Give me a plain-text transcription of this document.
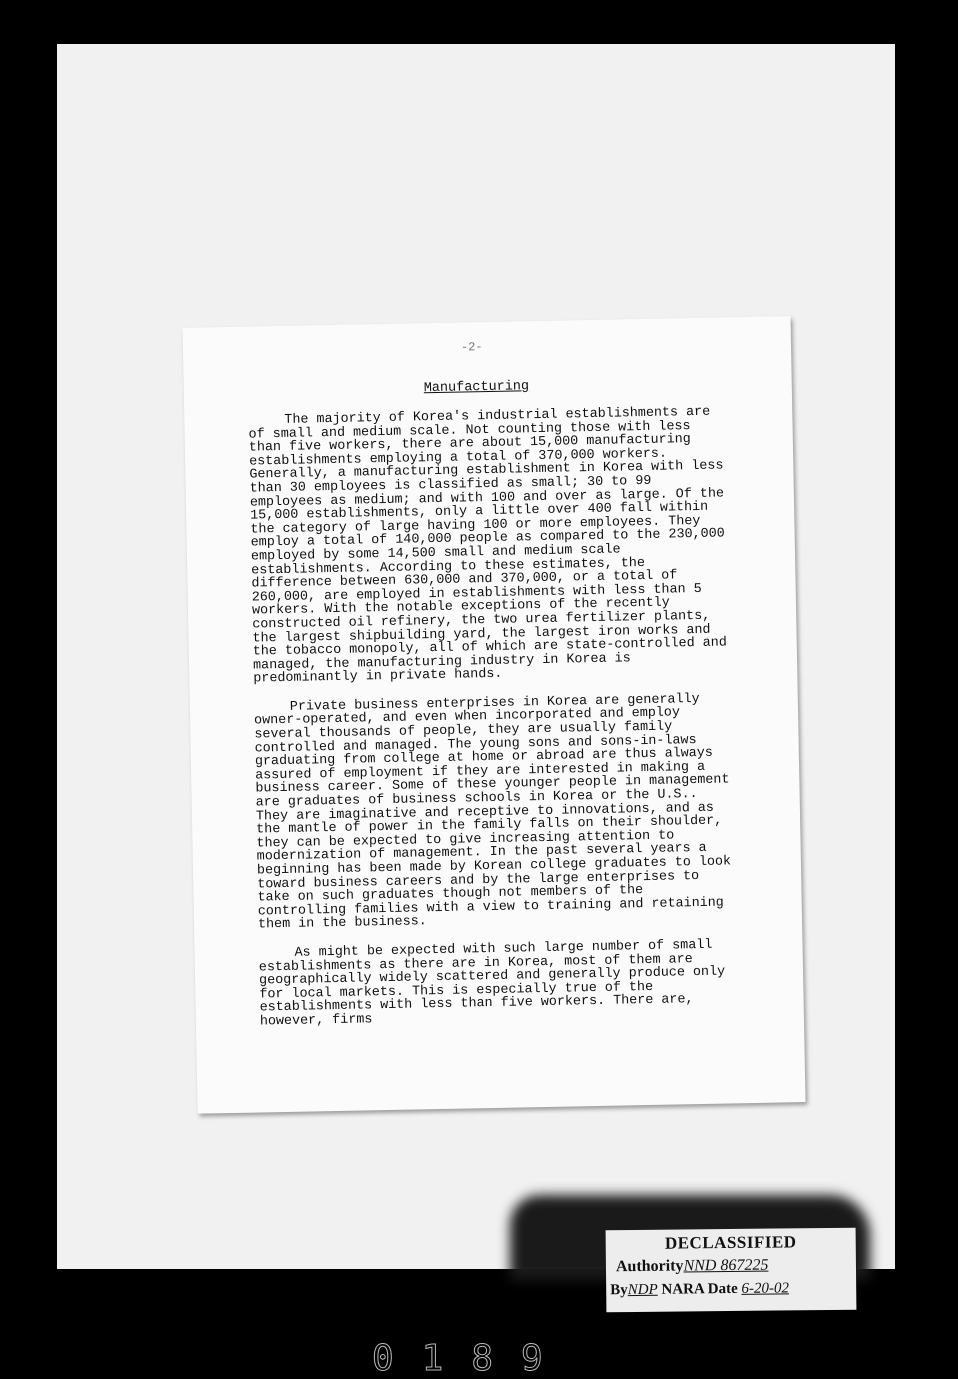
-2-
Manufacturing

The majority of Korea's industrial establishments are of small and medium scale. Not counting those with less than five workers, there are about 15,000 manufacturing establishments employing a total of 370,000 workers. Generally, a manufacturing establishment in Korea with less than 30 employees is classified as small; 30 to 99 employees as medium; and with 100 and over as large. Of the 15,000 establishments, only a little over 400 fall within the category of large having 100 or more employees. They employ a total of 140,000 people as compared to the 230,000 employed by some 14,500 small and medium scale establishments. According to these estimates, the difference between 630,000 and 370,000, or a total of 260,000, are employed in establishments with less than 5 workers. With the notable exceptions of the recently constructed oil refinery, the two urea fertilizer plants, the largest shipbuilding yard, the largest iron works and the tobacco monopoly, all of which are state-controlled and managed, the manufacturing industry in Korea is predominantly in private hands.

Private business enterprises in Korea are generally owner-operated, and even when incorporated and employ several thousands of people, they are usually family controlled and managed. The young sons and sons-in-laws graduating from college at home or abroad are thus always assured of employment if they are interested in making a business career. Some of these younger people in management are graduates of business schools in Korea or the U.S.. They are imaginative and receptive to innovations, and as the mantle of power in the family falls on their shoulder, they can be expected to give increasing attention to modernization of management. In the past several years a beginning has been made by Korean college graduates to look toward business careers and by the large enterprises to take on such graduates though not members of the controlling families with a view to training and retaining them in the business.

As might be expected with such large number of small establishments as there are in Korea, most of them are geographically widely scattered and generally produce only for local markets. This is especially true of the establishments with less than five workers. There are, however, firms

DECLASSIFIED
AuthorityNND 867225
ByNDP NARA Date 6-20-02
0189
